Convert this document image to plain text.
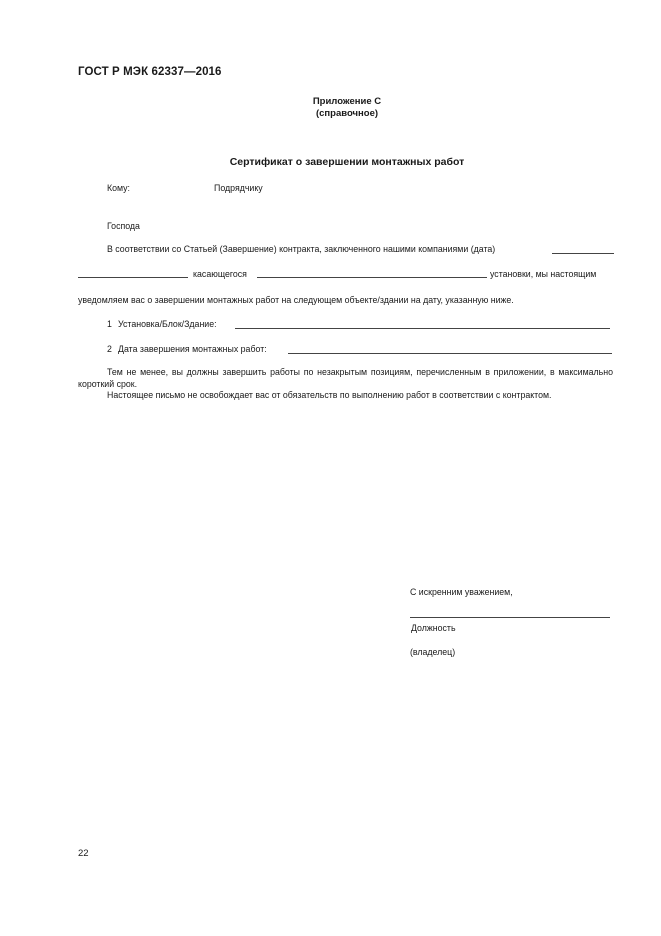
ГОСТ Р МЭК 62337—2016
Приложение С
(справочное)
Сертификат о завершении монтажных работ
Кому:	Подрядчику
Господа
В соответствии со Статьей (Завершение) контракта, заключенного нашими компаниями (дата)
касающегося	установки, мы настоящим
уведомляем вас о завершении монтажных работ на следующем объекте/здании на дату, указанную ниже.
1 Установка/Блок/Здание:
2 Дата завершения монтажных работ:
Тем не менее, вы должны завершить работы по незакрытым позициям, перечисленным в приложении, в максимально короткий срок.
Настоящее письмо не освобождает вас от обязательств по выполнению работ в соответствии с контрактом.
С искренним уважением,
Должность
(владелец)
22
